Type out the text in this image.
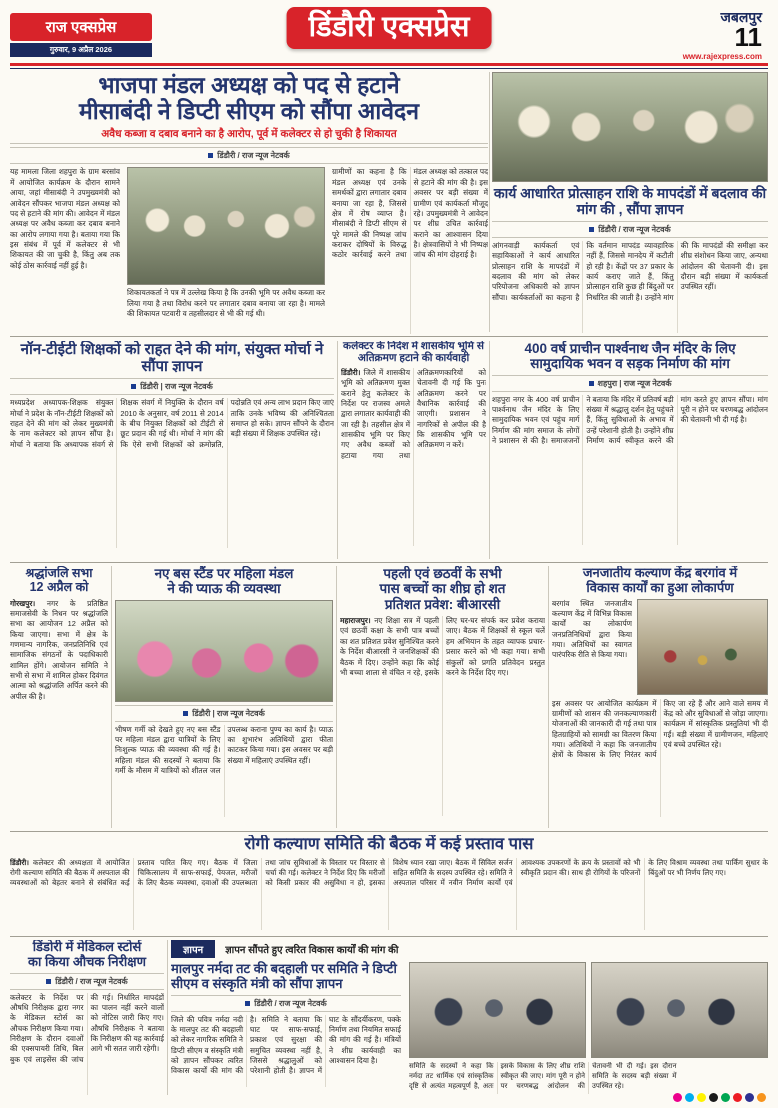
राज एक्सप्रेस
गुरुवार, 9 अप्रैल 2026
डिंडौरी एक्सप्रेस	जबलपुर
11
www.rajexpress.com
भाजपा मंडल अध्यक्ष को पद से हटाने
मीसाबंदी ने डिप्टी सीएम को सौंपा आवेदन
अवैध कब्जा व दबाव बनाने का है आरोप, पूर्व में कलेक्टर से हो चुकी है शिकायत
डिंडौरी / राज न्यूज नेटवर्क

यह मामला जिला शहपुरा के ग्राम बरसांव में आयोजित कार्यक्रम के दौरान सामने आया, जहां मीसाबंदी ने उपमुख्यमंत्री को आवेदन सौंपकर भाजपा मंडल अध्यक्ष को पद से हटाने की मांग की। आवेदन में मंडल अध्यक्ष पर अवैध कब्जा कर दबाव बनाने का आरोप लगाया गया है। बताया गया कि इस संबंध में पूर्व में कलेक्टर से भी शिकायत की जा चुकी है, किंतु अब तक कोई ठोस कार्रवाई नहीं हुई है।

शिकायतकर्ता ने पत्र में उल्लेख किया है कि उनकी भूमि पर अवैध कब्जा कर लिया गया है तथा विरोध करने पर लगातार दबाव बनाया जा रहा है। मामले की शिकायत पटवारी व तहसीलदार से भी की गई थी।

ग्रामीणों का कहना है कि मंडल अध्यक्ष एवं उनके समर्थकों द्वारा लगातार दबाव बनाया जा रहा है, जिससे क्षेत्र में रोष व्याप्त है। मीसाबंदी ने डिप्टी सीएम से पूरे मामले की निष्पक्ष जांच कराकर दोषियों के विरुद्ध कठोर कार्रवाई करने तथा मंडल अध्यक्ष को तत्काल पद से हटाने की मांग की है। इस अवसर पर बड़ी संख्या में ग्रामीण एवं कार्यकर्ता मौजूद रहे। उपमुख्यमंत्री ने आवेदन पर शीघ्र उचित कार्रवाई कराने का आश्वासन दिया है। क्षेत्रवासियों ने भी निष्पक्ष जांच की मांग दोहराई है।

कार्य आधारित प्रोत्साहन राशि के मापदंडों में बदलाव की मांग की , सौंपा ज्ञापन
डिंडौरी / राज न्यूज नेटवर्क

आंगनवाड़ी कार्यकर्ता एवं सहायिकाओं ने कार्य आधारित प्रोत्साहन राशि के मापदंडों में बदलाव की मांग को लेकर परियोजना अधिकारी को ज्ञापन सौंपा। कार्यकर्ताओं का कहना है कि वर्तमान मापदंड व्यावहारिक नहीं हैं, जिससे मानदेय में कटौती हो रही है। केंद्रों पर 37 प्रकार के कार्य कराए जाते हैं, किंतु प्रोत्साहन राशि कुछ ही बिंदुओं पर निर्धारित की जाती है। उन्होंने मांग की कि मापदंडों की समीक्षा कर शीघ्र संशोधन किया जाए, अन्यथा आंदोलन की चेतावनी दी। इस दौरान बड़ी संख्या में कार्यकर्ता उपस्थित रहीं।

नॉन-टीईटी शिक्षकों को राहत देने की मांग, संयुक्त मोर्चा ने सौंपा ज्ञापन
डिंडौरी | राज न्यूज नेटवर्क

मध्यप्रदेश अध्यापक-शिक्षक संयुक्त मोर्चा ने प्रदेश के नॉन-टीईटी शिक्षकों को राहत देने की मांग को लेकर मुख्यमंत्री के नाम कलेक्टर को ज्ञापन सौंपा है। मोर्चा ने बताया कि अध्यापक संवर्ग से शिक्षक संवर्ग में नियुक्ति के दौरान वर्ष 2010 के अनुसार, वर्ष 2011 से 2014 के बीच नियुक्त शिक्षकों को टीईटी से छूट प्रदान की गई थी। मोर्चा ने मांग की कि ऐसे सभी शिक्षकों को क्रमोन्नति, पदोन्नति एवं अन्य लाभ प्रदान किए जाएं ताकि उनके भविष्य की अनिश्चितता समाप्त हो सके। ज्ञापन सौंपने के दौरान बड़ी संख्या में शिक्षक उपस्थित रहे।

कलेक्टर के निर्देश में शासकीय भूमि से अतिक्रमण हटाने की कार्यवाही

डिंडौरी। जिले में शासकीय भूमि को अतिक्रमण मुक्त कराने हेतु कलेक्टर के निर्देश पर राजस्व अमले द्वारा लगातार कार्यवाही की जा रही है। तहसील क्षेत्र में शासकीय भूमि पर किए गए अवैध कब्जों को हटाया गया तथा अतिक्रमणकारियों को चेतावनी दी गई कि पुनः अतिक्रमण करने पर वैधानिक कार्रवाई की जाएगी। प्रशासन ने नागरिकों से अपील की है कि शासकीय भूमि पर अतिक्रमण न करें।

400 वर्ष प्राचीन पार्श्वनाथ जैन मंदिर के लिए
सामुदायिक भवन व सड़क निर्माण की मांग
शहपुरा | राज न्यूज नेटवर्क

शहपुरा नगर के 400 वर्ष प्राचीन पार्श्वनाथ जैन मंदिर के लिए सामुदायिक भवन एवं पहुंच मार्ग निर्माण की मांग समाज के लोगों ने प्रशासन से की है। समाजजनों ने बताया कि मंदिर में प्रतिवर्ष बड़ी संख्या में श्रद्धालु दर्शन हेतु पहुंचते हैं, किंतु सुविधाओं के अभाव में उन्हें परेशानी होती है। उन्होंने शीघ्र निर्माण कार्य स्वीकृत करने की मांग करते हुए ज्ञापन सौंपा। मांग पूरी न होने पर चरणबद्ध आंदोलन की चेतावनी भी दी गई है।

श्रद्धांजलि सभा
12 अप्रैल को

गोरखपुर। नगर के प्रतिष्ठित समाजसेवी के निधन पर श्रद्धांजलि सभा का आयोजन 12 अप्रैल को किया जाएगा। सभा में क्षेत्र के गणमान्य नागरिक, जनप्रतिनिधि एवं सामाजिक संगठनों के पदाधिकारी शामिल होंगे। आयोजन समिति ने सभी से सभा में शामिल होकर दिवंगत आत्मा को श्रद्धांजलि अर्पित करने की अपील की है।

नए बस स्टैंड पर महिला मंडल
ने की प्याऊ की व्यवस्था
डिंडौरी | राज न्यूज नेटवर्क

भीषण गर्मी को देखते हुए नए बस स्टैंड पर महिला मंडल द्वारा यात्रियों के लिए निःशुल्क प्याऊ की व्यवस्था की गई है। महिला मंडल की सदस्यों ने बताया कि गर्मी के मौसम में यात्रियों को शीतल जल उपलब्ध कराना पुण्य का कार्य है। प्याऊ का शुभारंभ अतिथियों द्वारा फीता काटकर किया गया। इस अवसर पर बड़ी संख्या में महिलाएं उपस्थित रहीं।

पहली एवं छठवीं के सभी
पास बच्चों का शीघ्र हो शत
प्रतिशत प्रवेश: बीआरसी

महाराजपुर। नए शिक्षा सत्र में पहली एवं छठवीं कक्षा के सभी पात्र बच्चों का शत प्रतिशत प्रवेश सुनिश्चित करने के निर्देश बीआरसी ने जनशिक्षकों की बैठक में दिए। उन्होंने कहा कि कोई भी बच्चा शाला से वंचित न रहे, इसके लिए घर-घर संपर्क कर प्रवेश कराया जाए। बैठक में शिक्षकों से स्कूल चलें हम अभियान के तहत व्यापक प्रचार-प्रसार करने को भी कहा गया। सभी संकुलों को प्रगति प्रतिवेदन प्रस्तुत करने के निर्देश दिए गए।

जनजातीय कल्याण केंद्र बरगांव में
विकास कार्यों का हुआ लोकार्पण

बरगांव स्थित जनजातीय कल्याण केंद्र में विभिन्न विकास कार्यों का लोकार्पण जनप्रतिनिधियों द्वारा किया गया। अतिथियों का स्वागत पारंपरिक रीति से किया गया।

इस अवसर पर आयोजित कार्यक्रम में ग्रामीणों को शासन की जनकल्याणकारी योजनाओं की जानकारी दी गई तथा पात्र हितग्राहियों को सामग्री का वितरण किया गया। अतिथियों ने कहा कि जनजातीय क्षेत्रों के विकास के लिए निरंतर कार्य किए जा रहे हैं और आने वाले समय में केंद्र को और सुविधाओं से जोड़ा जाएगा। कार्यक्रम में सांस्कृतिक प्रस्तुतियां भी दी गईं। बड़ी संख्या में ग्रामीणजन, महिलाएं एवं बच्चे उपस्थित रहे।

रोगी कल्याण समिति की बैठक में कई प्रस्ताव पास

डिंडौरी। कलेक्टर की अध्यक्षता में आयोजित रोगी कल्याण समिति की बैठक में अस्पताल की व्यवस्थाओं को बेहतर बनाने से संबंधित कई प्रस्ताव पारित किए गए। बैठक में जिला चिकित्सालय में साफ-सफाई, पेयजल, मरीजों के लिए बैठक व्यवस्था, दवाओं की उपलब्धता तथा जांच सुविधाओं के विस्तार पर विस्तार से चर्चा की गई। कलेक्टर ने निर्देश दिए कि मरीजों को किसी प्रकार की असुविधा न हो, इसका विशेष ध्यान रखा जाए। बैठक में सिविल सर्जन सहित समिति के सदस्य उपस्थित रहे। समिति ने अस्पताल परिसर में नवीन निर्माण कार्यों एवं आवश्यक उपकरणों के क्रय के प्रस्तावों को भी स्वीकृति प्रदान की। साथ ही रोगियों के परिजनों के लिए विश्राम व्यवस्था तथा पार्किंग सुधार के बिंदुओं पर भी निर्णय लिए गए।

डिंडोरी में मेडिकल स्टोर्स
का किया औचक निरीक्षण
डिंडौरी / राज न्यूज नेटवर्क

कलेक्टर के निर्देश पर औषधि निरीक्षक द्वारा नगर के मेडिकल स्टोर्स का औचक निरीक्षण किया गया। निरीक्षण के दौरान दवाओं की एक्सपायरी तिथि, बिल बुक एवं लाइसेंस की जांच की गई। निर्धारित मापदंडों का पालन नहीं करने वालों को नोटिस जारी किए गए। औषधि निरीक्षक ने बताया कि निरीक्षण की यह कार्रवाई आगे भी सतत जारी रहेगी।

ज्ञापन	ज्ञापन सौंपते हुए त्वरित विकास कार्यों की मांग की
मालपुर नर्मदा तट की बदहाली पर समिति ने डिप्टी सीएम व संस्कृति मंत्री को सौंपा ज्ञापन
डिंडौरी / राज न्यूज नेटवर्क

जिले की पवित्र नर्मदा नदी के मालपुर तट की बदहाली को लेकर नागरिक समिति ने डिप्टी सीएम व संस्कृति मंत्री को ज्ञापन सौंपकर त्वरित विकास कार्यों की मांग की है। समिति ने बताया कि घाट पर साफ-सफाई, प्रकाश एवं सुरक्षा की समुचित व्यवस्था नहीं है, जिससे श्रद्धालुओं को परेशानी होती है। ज्ञापन में घाट के सौंदर्यीकरण, पक्के निर्माण तथा नियमित सफाई की मांग की गई है। मंत्रियों ने शीघ्र कार्यवाही का आश्वासन दिया है।

समिति के सदस्यों ने कहा कि नर्मदा तट धार्मिक एवं सांस्कृतिक दृष्टि से अत्यंत महत्वपूर्ण है, अतः इसके विकास के लिए शीघ्र राशि स्वीकृत की जाए। मांग पूरी न होने पर चरणबद्ध आंदोलन की चेतावनी भी दी गई। इस दौरान समिति के सदस्य बड़ी संख्या में उपस्थित रहे।
